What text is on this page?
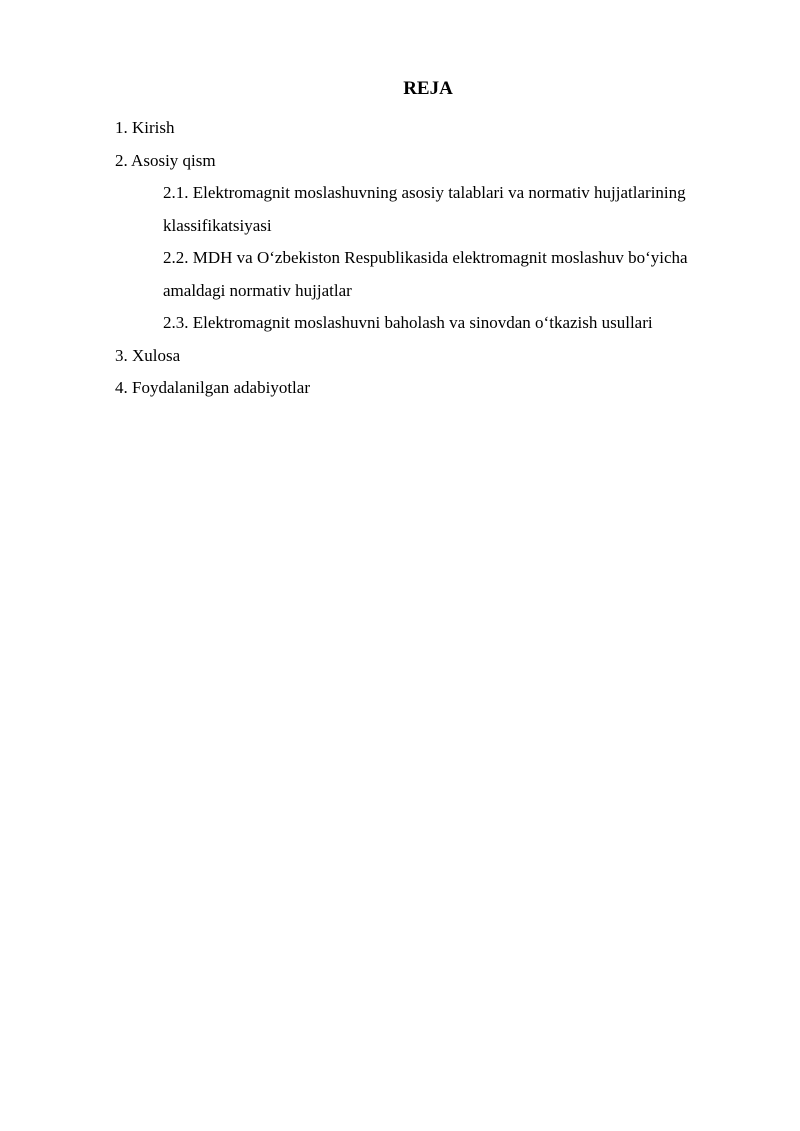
REJA
1. Kirish
2. Asosiy qism
2.1. Elektromagnit moslashuvning asosiy talablari va normativ hujjatlarining klassifikatsiyasi
2.2. MDH va O‘zbekiston Respublikasida elektromagnit moslashuv bo‘yicha amaldagi normativ hujjatlar
2.3. Elektromagnit moslashuvni baholash va sinovdan o‘tkazish usullari
3. Xulosa
4. Foydalanilgan adabiyotlar
